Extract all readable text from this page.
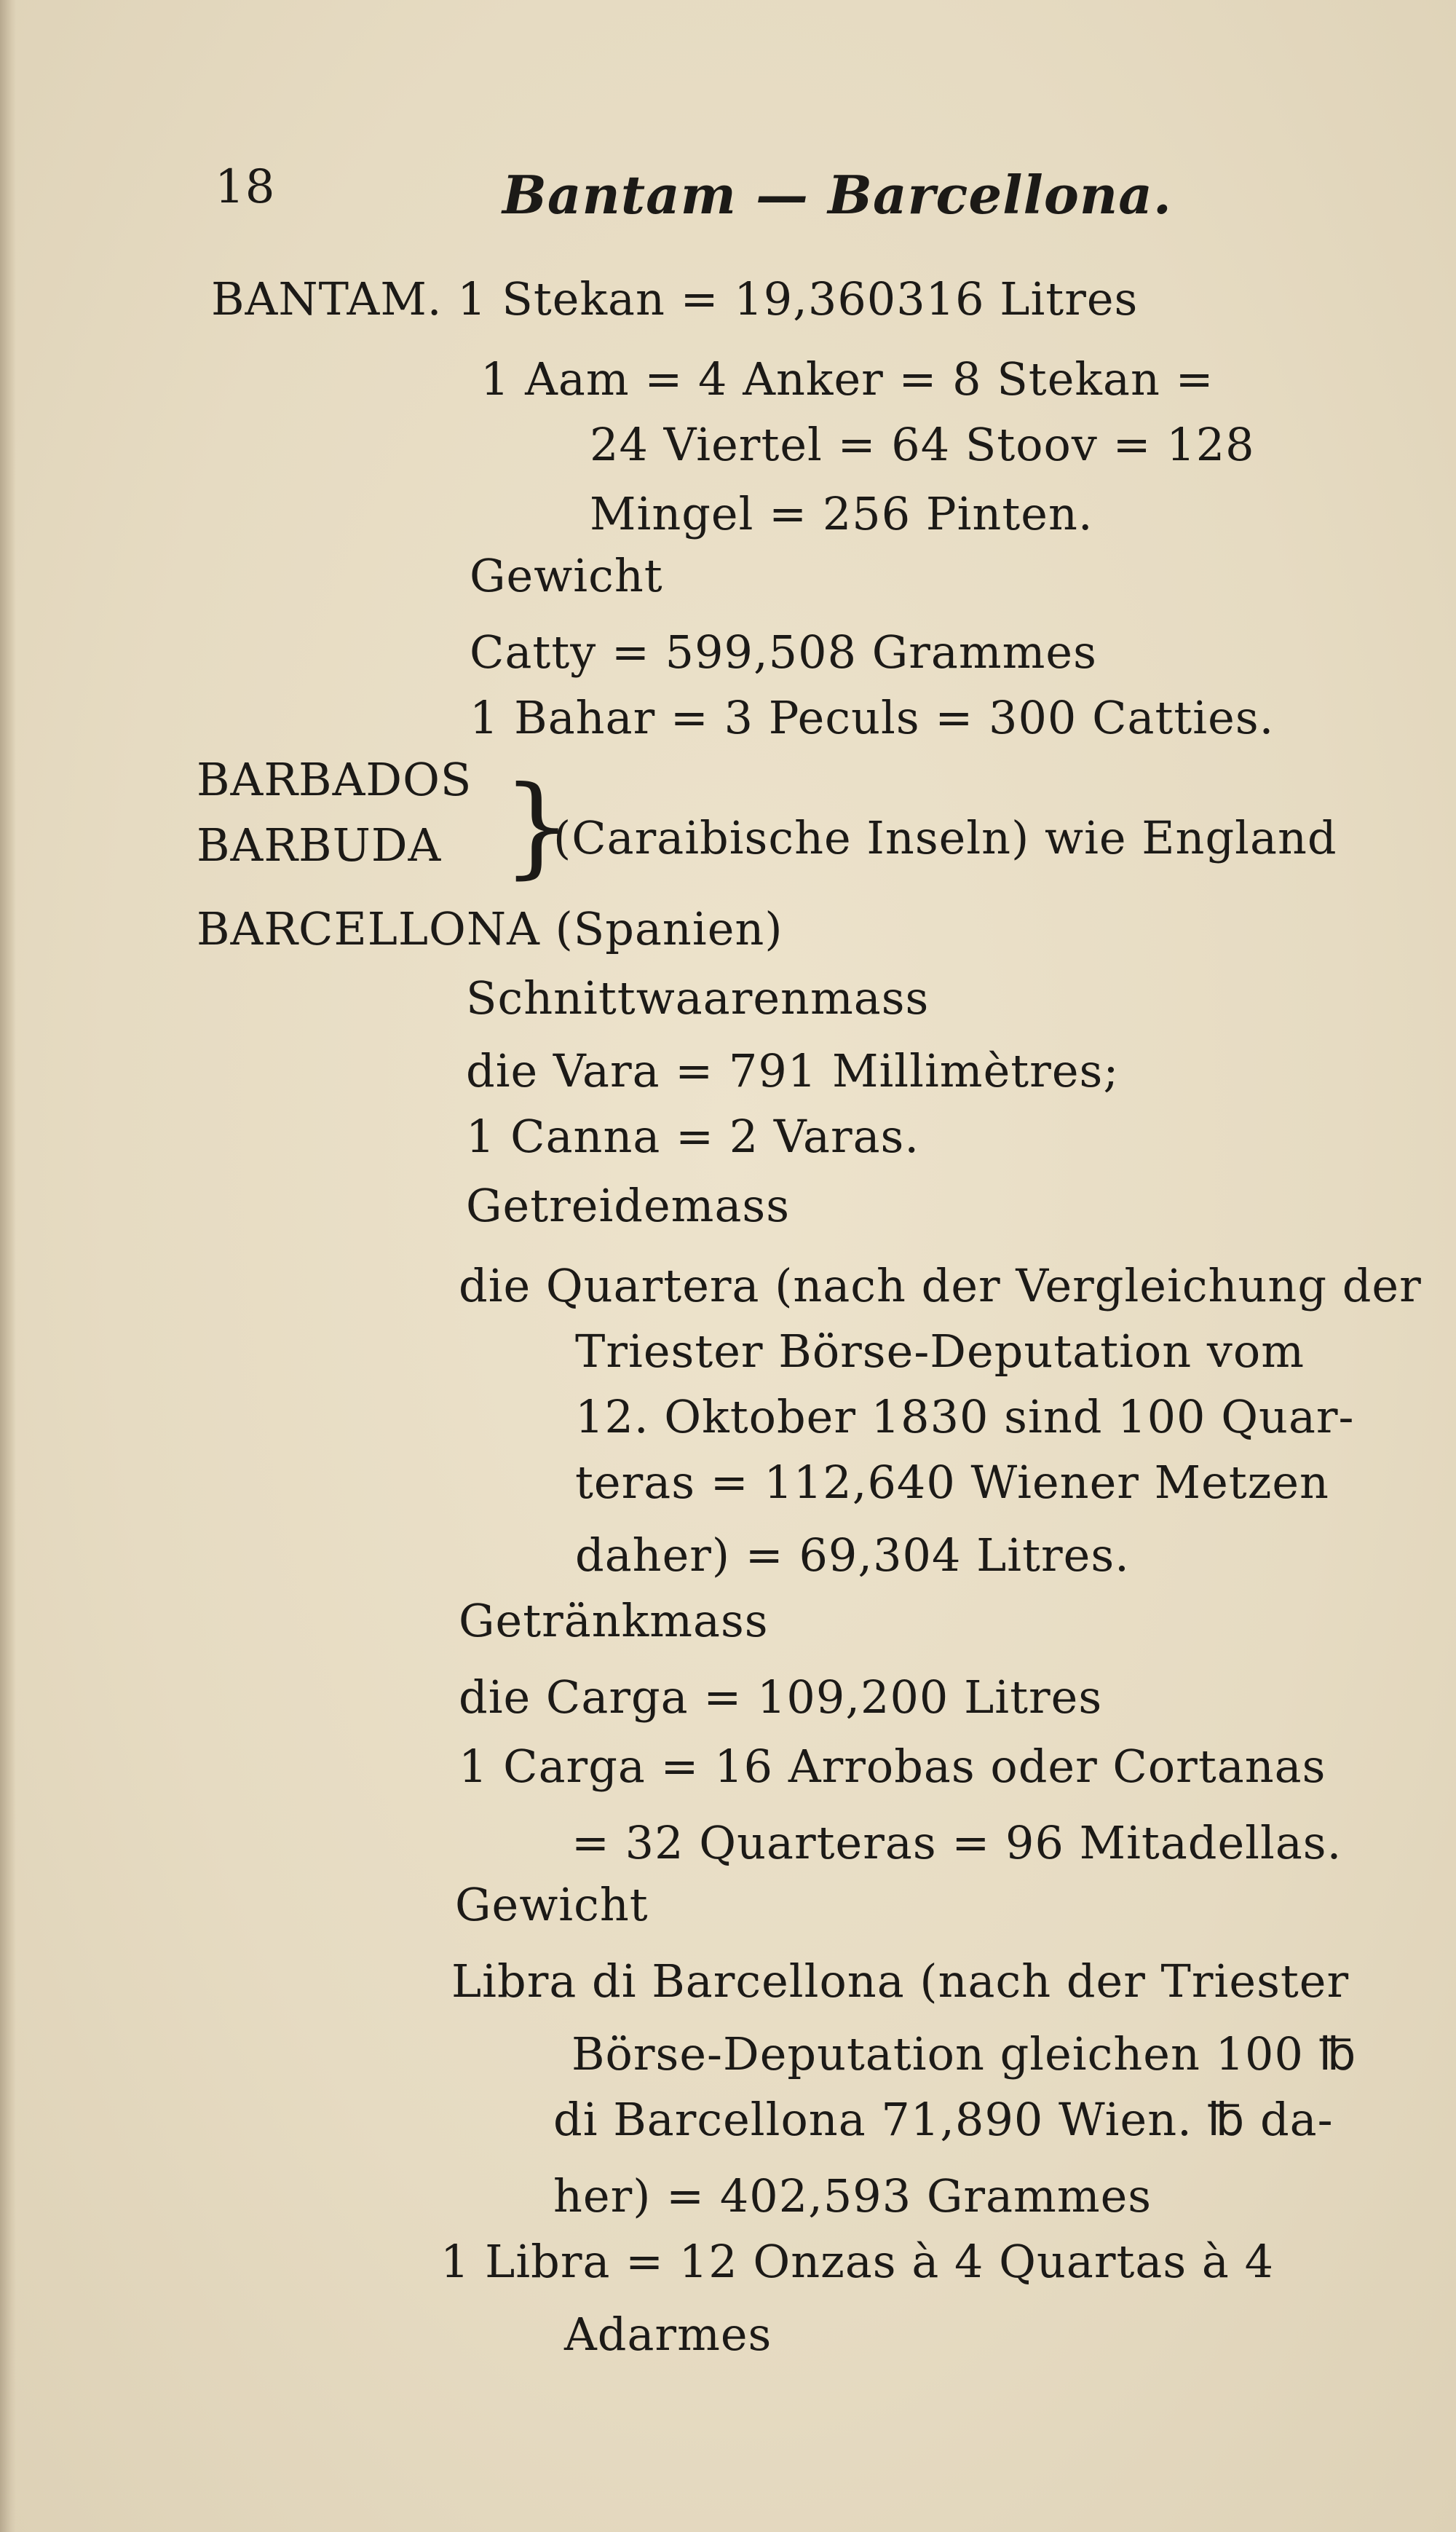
18	Bantam — Barcellona.
BANTAM. 1 Stekan = 19,360316 Litres
1 Aam = 4 Anker = 8 Stekan =
24 Viertel = 64 Stoov = 128
Mingel = 256 Pinten.
Gewicht
Catty = 599,508 Grammes
1 Bahar = 3 Peculs = 300 Catties.
BARBADOS
BARBUDA }
(Caraibische Inseln) wie England
BARCELLONA (Spanien)
Schnittwaarenmass
die Vara = 791 Millimètres;
1 Canna = 2 Varas.
Getreidemass
die Quartera (nach der Vergleichung der
Triester Börse-Deputation vom
12. Oktober 1830 sind 100 Quar-
teras = 112,640 Wiener Metzen
daher) = 69,304 Litres.
Getränkmass
die Carga = 109,200 Litres
1 Carga = 16 Arrobas oder Cortanas
= 32 Quarteras = 96 Mitadellas.
Gewicht
Libra di Barcellona (nach der Triester
Börse-Deputation gleichen 100 ℔
di Barcellona 71,890 Wien. ℔ da-
her) = 402,593 Grammes
1 Libra = 12 Onzas à 4 Quartas à 4
Adarmes
